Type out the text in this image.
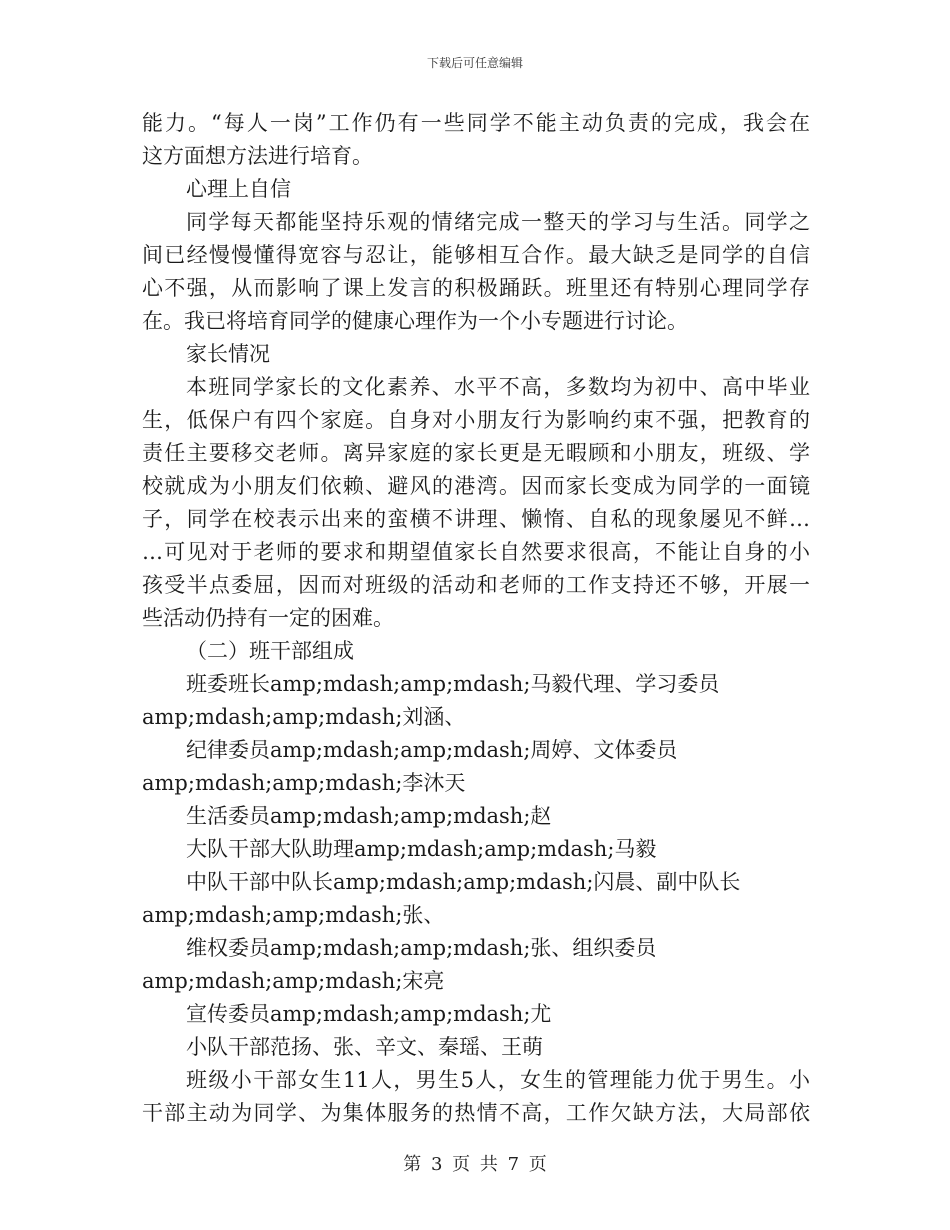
下载后可任意编辑
能力。“每人一岗”工作仍有一些同学不能主动负责的完成，我会在
这方面想方法进行培育。
心理上自信
同学每天都能坚持乐观的情绪完成一整天的学习与生活。同学之
间已经慢慢懂得宽容与忍让，能够相互合作。最大缺乏是同学的自信
心不强，从而影响了课上发言的积极踊跃。班里还有特别心理同学存
在。我已将培育同学的健康心理作为一个小专题进行讨论。
家长情况
本班同学家长的文化素养、水平不高，多数均为初中、高中毕业
生，低保户有四个家庭。自身对小朋友行为影响约束不强，把教育的
责任主要移交老师。离异家庭的家长更是无暇顾和小朋友，班级、学
校就成为小朋友们依赖、避风的港湾。因而家长变成为同学的一面镜
子，同学在校表示出来的蛮横不讲理、懒惰、自私的现象屡见不鲜…
…可见对于老师的要求和期望值家长自然要求很高，不能让自身的小
孩受半点委屈，因而对班级的活动和老师的工作支持还不够，开展一
些活动仍持有一定的困难。
（二）班干部组成
班委班长amp;mdash;amp;mdash;马毅代理、学习委员
amp;mdash;amp;mdash;刘涵、
纪律委员amp;mdash;amp;mdash;周婷、文体委员
amp;mdash;amp;mdash;李沐天
生活委员amp;mdash;amp;mdash;赵
大队干部大队助理amp;mdash;amp;mdash;马毅
中队干部中队长amp;mdash;amp;mdash;闪晨、副中队长
amp;mdash;amp;mdash;张、
维权委员amp;mdash;amp;mdash;张、组织委员
amp;mdash;amp;mdash;宋亮
宣传委员amp;mdash;amp;mdash;尤
小队干部范扬、张、辛文、秦瑶、王萌
班级小干部女生11人，男生5人，女生的管理能力优于男生。小
干部主动为同学、为集体服务的热情不高，工作欠缺方法，大局部依
第 3 页 共 7 页
